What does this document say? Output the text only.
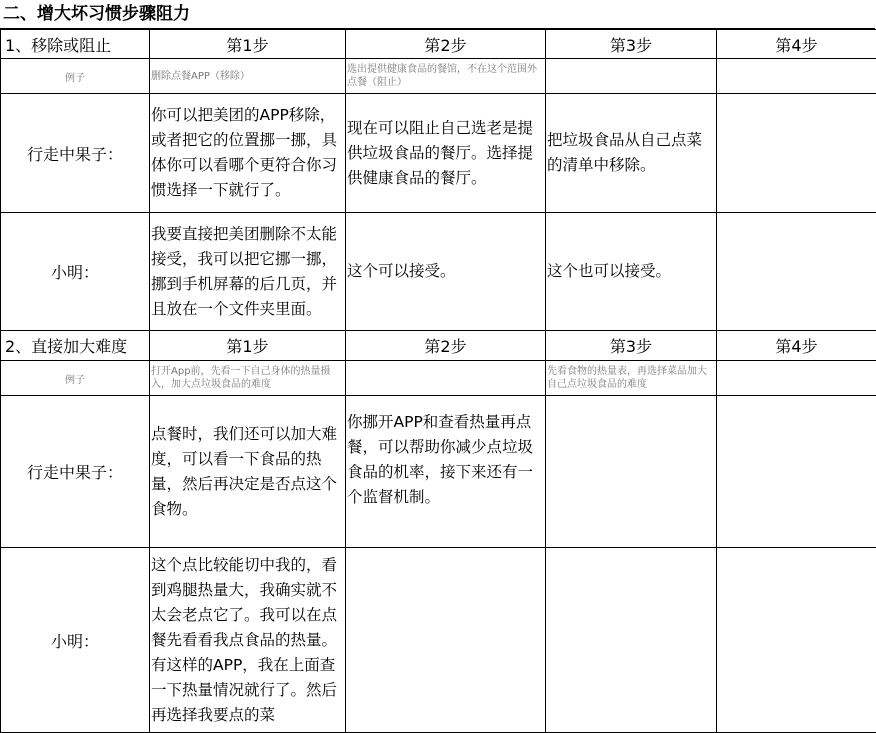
二、增大坏习惯步骤阻力
1、移除或阻止	第1步	第2步	第3步	第4步
例子	删除点餐APP（移除）	选出提供健康食品的餐馆，不在这个范围外点餐（阻止）		
行走中果子：	你可以把美团的APP移除，或者把它的位置挪一挪，具体你可以看哪个更符合你习惯选择一下就行了。	现在可以阻止自己选老是提供垃圾食品的餐厅。选择提供健康食品的餐厅。	把垃圾食品从自己点菜的清单中移除。	
小明：	我要直接把美团删除不太能接受，我可以把它挪一挪，挪到手机屏幕的后几页，并且放在一个文件夹里面。	这个可以接受。	这个也可以接受。	
2、直接加大难度	第1步	第2步	第3步	第4步
例子	打开App前，先看一下自己身体的热量摄入，加大点垃圾食品的难度		先看食物的热量表，再选择菜品加大自己点垃圾食品的难度	
行走中果子：	点餐时，我们还可以加大难度，可以看一下食品的热量，然后再决定是否点这个食物。	你挪开APP和查看热量再点餐，可以帮助你减少点垃圾食品的机率，接下来还有一个监督机制。		
小明：	这个点比较能切中我的，看到鸡腿热量大，我确实就不太会老点它了。我可以在点餐先看看我点食品的热量。有这样的APP，我在上面查一下热量情况就行了。然后再选择我要点的菜			
